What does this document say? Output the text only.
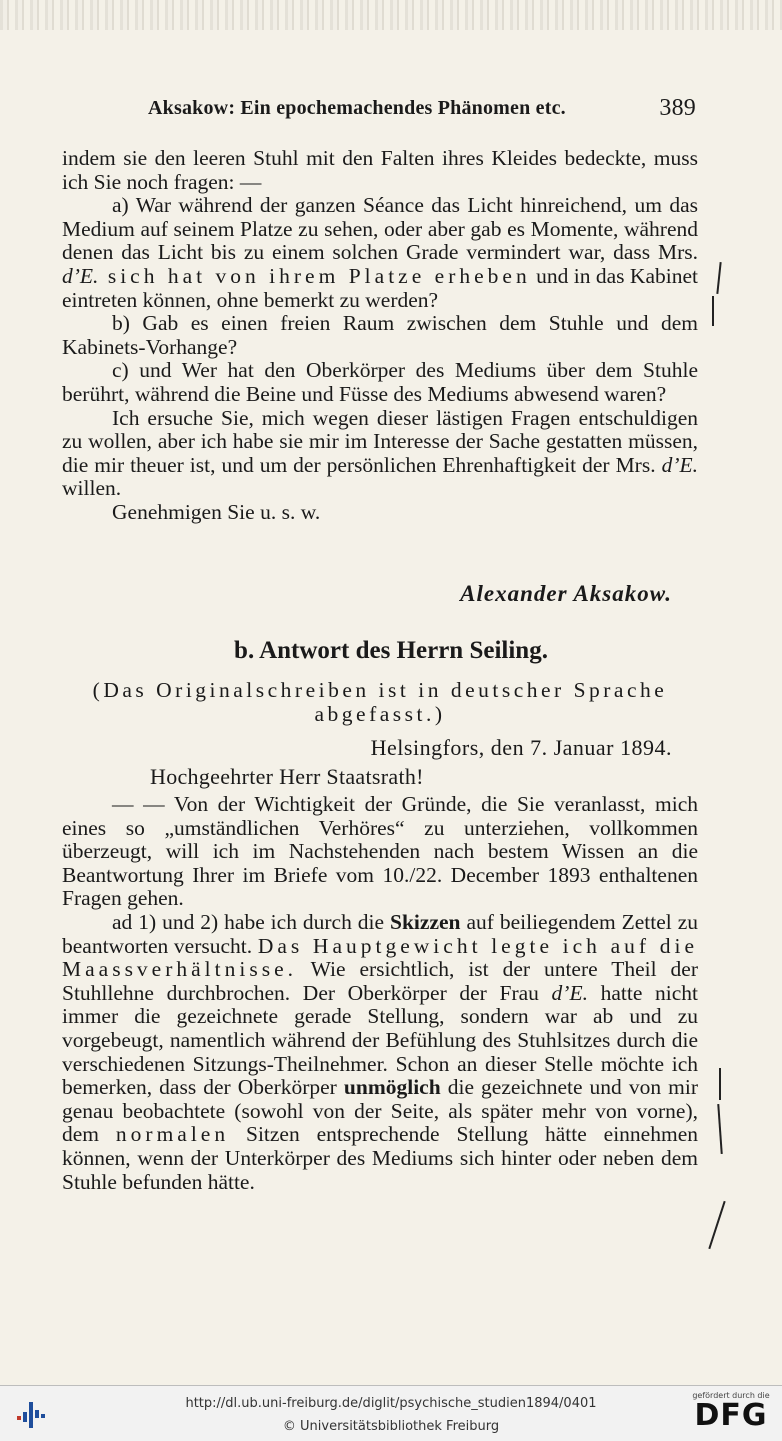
Aksakow: Ein epochemachendes Phänomen etc.	389

indem sie den leeren Stuhl mit den Falten ihres Kleides bedeckte, muss ich Sie noch fragen: —

a) War während der ganzen Séance das Licht hinreichend, um das Medium auf seinem Platze zu sehen, oder aber gab es Momente, während denen das Licht bis zu einem solchen Grade vermindert war, dass Mrs. d’E. sich hat von ihrem Platze erheben und in das Kabinet eintreten können, ohne bemerkt zu werden?

b) Gab es einen freien Raum zwischen dem Stuhle und dem Kabinets-Vorhange?

c) und Wer hat den Oberkörper des Mediums über dem Stuhle berührt, während die Beine und Füsse des Mediums abwesend waren?

Ich ersuche Sie, mich wegen dieser lästigen Fragen entschuldigen zu wollen, aber ich habe sie mir im Interesse der Sache gestatten müssen, die mir theuer ist, und um der persönlichen Ehrenhaftigkeit der Mrs. d’E. willen.

Genehmigen Sie u. s. w.

Alexander Aksakow.
b. Antwort des Herrn Seiling.
(Das Originalschreiben ist in deutscher Sprache abgefasst.)
Helsingfors, den 7. Januar 1894.
Hochgeehrter Herr Staatsrath!

— — Von der Wichtigkeit der Gründe, die Sie veranlasst, mich eines so „umständlichen Verhöres“ zu unterziehen, vollkommen überzeugt, will ich im Nachstehenden nach bestem Wissen an die Beantwortung Ihrer im Briefe vom 10./22. December 1893 enthaltenen Fragen gehen.

ad 1) und 2) habe ich durch die Skizzen auf beiliegendem Zettel zu beantworten versucht. Das Hauptgewicht legte ich auf die Maassverhältnisse. Wie ersichtlich, ist der untere Theil der Stuhllehne durchbrochen. Der Oberkörper der Frau d’E. hatte nicht immer die gezeichnete gerade Stellung, sondern war ab und zu vorgebeugt, namentlich während der Befühlung des Stuhlsitzes durch die verschiedenen Sitzungs-Theilnehmer. Schon an dieser Stelle möchte ich bemerken, dass der Oberkörper unmöglich die gezeichnete und von mir genau beobachtete (sowohl von der Seite, als später mehr von vorne), dem normalen Sitzen entsprechende Stellung hätte einnehmen können, wenn der Unterkörper des Mediums sich hinter oder neben dem Stuhle befunden hätte.

http://dl.ub.uni-freiburg.de/diglit/psychische_studien1894/0401
© Universitätsbibliothek Freiburg
gefördert durch die
DFG
